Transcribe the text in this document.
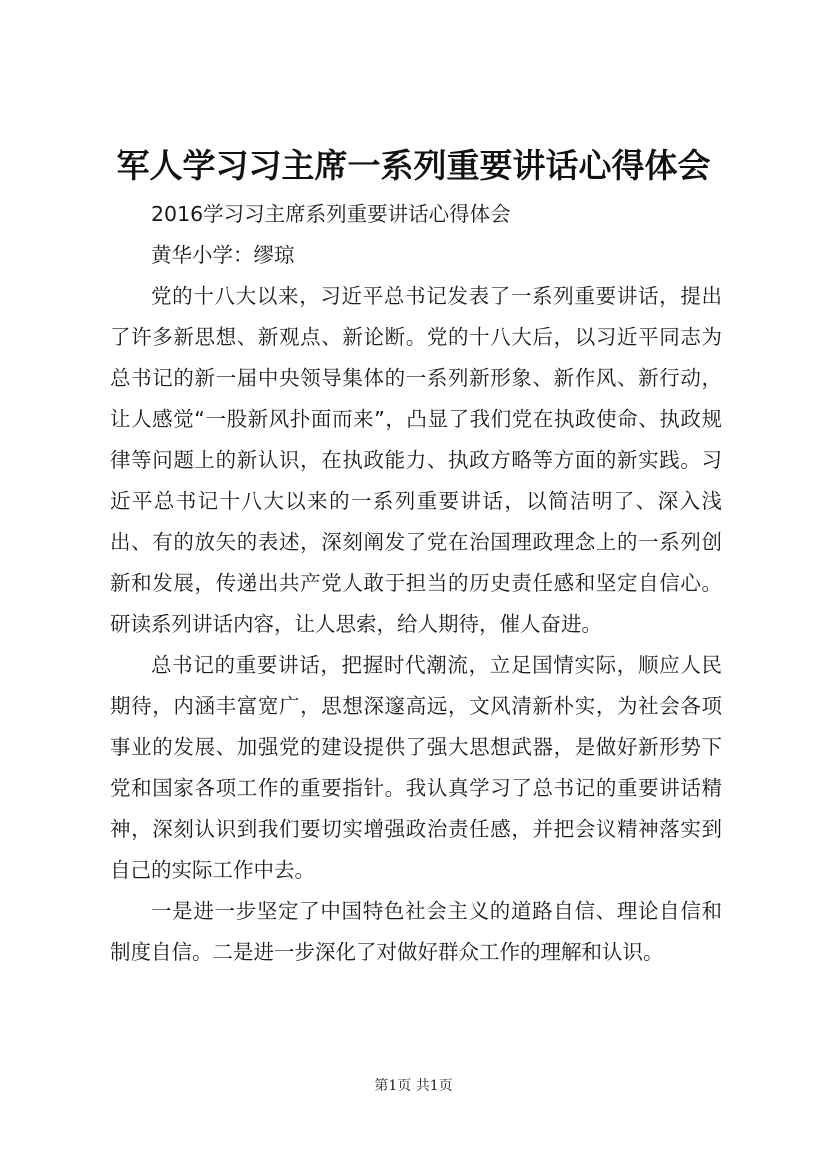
军人学习习主席一系列重要讲话心得体会

2016学习习主席系列重要讲话心得体会

黄华小学：缪琼

党的十八大以来，习近平总书记发表了一系列重要讲话，提出了许多新思想、新观点、新论断。党的十八大后，以习近平同志为总书记的新一届中央领导集体的一系列新形象、新作风、新行动，让人感觉“一股新风扑面而来”，凸显了我们党在执政使命、执政规律等问题上的新认识，在执政能力、执政方略等方面的新实践。习近平总书记十八大以来的一系列重要讲话，以简洁明了、深入浅出、有的放矢的表述，深刻阐发了党在治国理政理念上的一系列创新和发展，传递出共产党人敢于担当的历史责任感和坚定自信心。研读系列讲话内容，让人思索，给人期待，催人奋进。

总书记的重要讲话，把握时代潮流，立足国情实际，顺应人民期待，内涵丰富宽广，思想深邃高远，文风清新朴实，为社会各项事业的发展、加强党的建设提供了强大思想武器，是做好新形势下党和国家各项工作的重要指针。我认真学习了总书记的重要讲话精神，深刻认识到我们要切实增强政治责任感，并把会议精神落实到自己的实际工作中去。

一是进一步坚定了中国特色社会主义的道路自信、理论自信和制度自信。二是进一步深化了对做好群众工作的理解和认识。

第1页 共1页
